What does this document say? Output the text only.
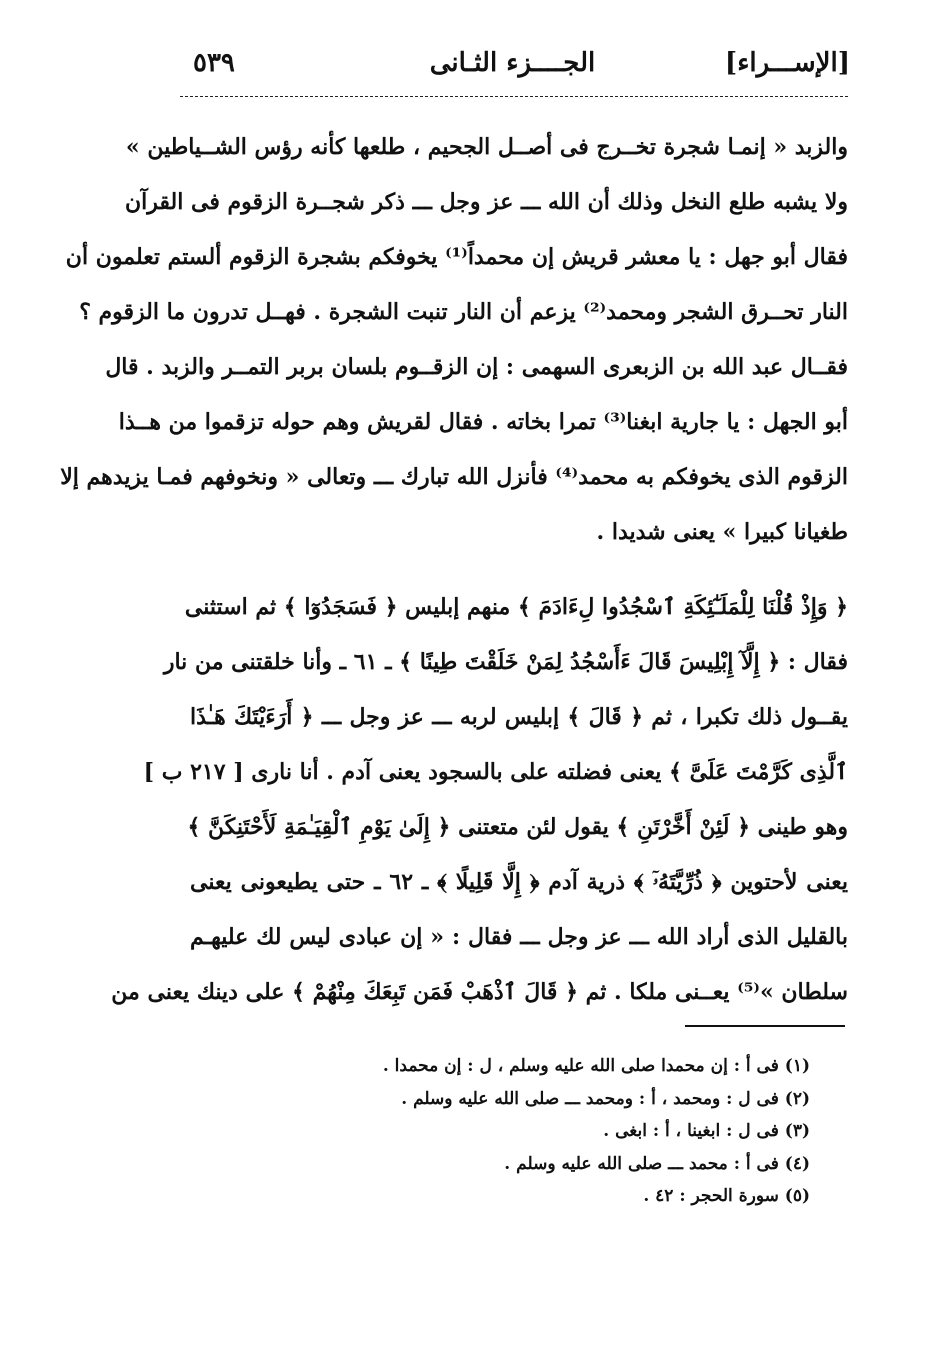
[الإســـراء]
الجــــزء الثـانى
٥٣٩
والزبد « إنمـا شجرة تخــرج فى أصــل الجحيم ، طلعها كأنه رؤس الشــياطين »
ولا يشبه طلع النخل وذلك أن الله ـــ عز وجل ـــ ذكر شجــرة الزقوم فى القرآن
فقال أبو جهل : يا معشر قريش إن محمداً⁽¹⁾ يخوفكم بشجرة الزقوم ألستم تعلمون أن
النار تحــرق الشجر ومحمد⁽²⁾ يزعم أن النار تنبت الشجرة . فهــل تدرون ما الزقوم ؟
فقــال عبد الله بن الزبعرى السهمى : إن الزقــوم بلسان بربر التمــر والزبد . قال
أبو الجهل : يا جارية ابغنا⁽³⁾ تمرا بخاته . فقال لقريش وهم حوله تزقموا من هــذا
الزقوم الذى يخوفكم به محمد⁽⁴⁾ فأنزل الله تبارك ـــ وتعالى « ونخوفهم فمـا يزيدهم إلا
طغيانا كبيرا » يعنى شديدا .
﴿ وَإِذْ قُلْنَا لِلْمَلَـٰٓئِكَةِ ٱسْجُدُوا لِءَادَمَ ﴾ منهم إبليس ﴿ فَسَجَدُوٓا ﴾ ثم استثنى
فقال : ﴿ إِلَّآ إِبْلِيسَ قَالَ ءَأَسْجُدُ لِمَنْ خَلَقْتَ طِينًا ﴾ ـ ٦١ ـ وأنا خلقتنى من نار
يقــول ذلك تكبرا ، ثم ﴿ قَالَ ﴾ إبليس لربه ـــ عز وجل ـــ ﴿ أَرَءَيْتَكَ هَـٰذَا
ٱلَّذِى كَرَّمْتَ عَلَىَّ ﴾ يعنى فضلته على بالسجود يعنى آدم . أنا نارى [ ٢١٧ ب ]
وهو طينى ﴿ لَئِنْ أَخَّرْتَنِ ﴾ يقول لئن متعتنى ﴿ إِلَىٰ يَوْمِ ٱلْقِيَـٰمَةِ لَأَحْتَنِكَنَّ ﴾
يعنى لأحتوين ﴿ ذُرِّيَّتَهُۥٓ ﴾ ذرية آدم ﴿ إِلَّا قَلِيلًا ﴾ ـ ٦٢ ـ حتى يطيعونى يعنى
بالقليل الذى أراد الله ـــ عز وجل ـــ فقال : « إن عبادى ليس لك عليهـم
سلطان »⁽⁵⁾ يعــنى ملكا . ثم ﴿ قَالَ ٱذْهَبْ فَمَن تَبِعَكَ مِنْهُمْ ﴾ على دينك يعنى من
(١) فى أ : إن محمدا صلى الله عليه وسلم ، ل : إن محمدا .
(٢) فى ل : ومحمد ، أ : ومحمد ـــ صلى الله عليه وسلم .
(٣) فى ل : ابغينا ، أ : ابغى .
(٤) فى أ : محمد ـــ صلى الله عليه وسلم .
(٥) سورة الحجر : ٤٢ .
